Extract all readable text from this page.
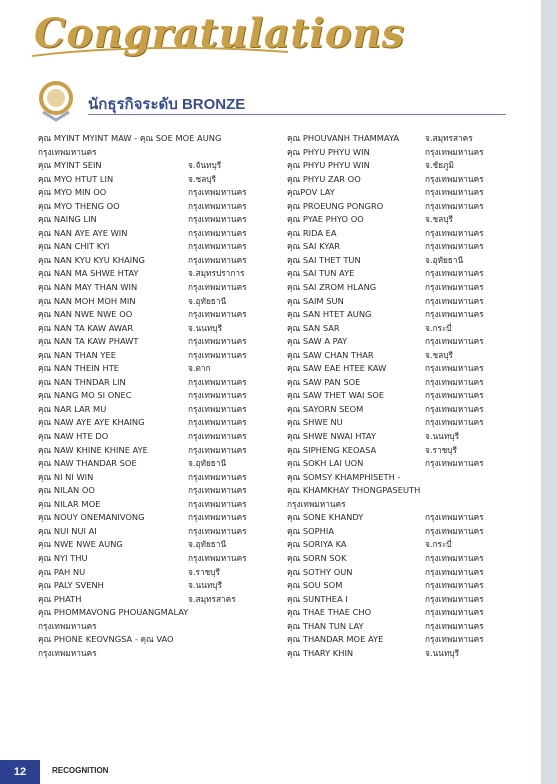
Congratulations
นักธุรกิจระดับ BRONZE
คุณ MYINT MYINT MAW - คุณ SOE MOE AUNG
กรุงเทพมหานคร
คุณ MYINT SEIN	จ.จันทบุรี
คุณ MYO HTUT LIN	จ.ชลบุรี
คุณ MYO MIN OO	กรุงเทพมหานคร
คุณ MYO THENG OO	กรุงเทพมหานคร
คุณ NAING LIN	กรุงเทพมหานคร
คุณ NAN AYE AYE WIN	กรุงเทพมหานคร
คุณ NAN CHIT KYI	กรุงเทพมหานคร
คุณ NAN KYU KYU KHAING	กรุงเทพมหานคร
คุณ NAN MA SHWE HTAY	จ.สมุทรปราการ
คุณ NAN MAY THAN WIN	กรุงเทพมหานคร
คุณ NAN MOH MOH MIN	จ.อุทัยธานี
คุณ NAN NWE NWE OO	กรุงเทพมหานคร
คุณ NAN TA KAW AWAR	จ.นนทบุรี
คุณ NAN TA KAW PHAWT	กรุงเทพมหานคร
คุณ NAN THAN YEE	กรุงเทพมหานคร
คุณ NAN THEIN HTE	จ.ตาก
คุณ NAN THNDAR LIN	กรุงเทพมหานคร
คุณ NANG MO SI ONEC	กรุงเทพมหานคร
คุณ NAR LAR MU	กรุงเทพมหานคร
คุณ NAW AYE AYE KHAING	กรุงเทพมหานคร
คุณ NAW HTE DO	กรุงเทพมหานคร
คุณ NAW KHINE KHINE AYE	กรุงเทพมหานคร
คุณ NAW THANDAR SOE	จ.อุทัยธานี
คุณ NI NI WIN	กรุงเทพมหานคร
คุณ NILAN OO	กรุงเทพมหานคร
คุณ NILAR MOE	กรุงเทพมหานคร
คุณ NOUY ONEMANIVONG	กรุงเทพมหานคร
คุณ NUI NUI AI	กรุงเทพมหานคร
คุณ NWE NWE AUNG	จ.อุทัยธานี
คุณ NYI THU	กรุงเทพมหานคร
คุณ PAH NU	จ.ราชบุรี
คุณ PALY SVENH	จ.นนทบุรี
คุณ PHATH	จ.สมุทรสาคร
คุณ PHOMMAVONG PHOUANGMALAY
กรุงเทพมหานคร
คุณ PHONE KEOVNGSA - คุณ VAO
กรุงเทพมหานคร
คุณ PHOUVANH THAMMAYA	จ.สมุทรสาคร
คุณ PHYU PHYU WIN	กรุงเทพมหานคร
คุณ PHYU PHYU WIN	จ.ชัยภูมิ
คุณ PHYU ZAR OO	กรุงเทพมหานคร
คุณPOV LAY	กรุงเทพมหานคร
คุณ PROEUNG PONGRO	กรุงเทพมหานคร
คุณ PYAE PHYO OO	จ.ชลบุรี
คุณ RIDA EA	กรุงเทพมหานคร
คุณ SAI KYAR	กรุงเทพมหานคร
คุณ SAI THET TUN	จ.อุทัยธานี
คุณ SAI TUN AYE	กรุงเทพมหานคร
คุณ SAI ZROM HLANG	กรุงเทพมหานคร
คุณ SAIM SUN	กรุงเทพมหานคร
คุณ SAN HTET AUNG	กรุงเทพมหานคร
คุณ SAN SAR	จ.กระบี่
คุณ SAW A PAY	กรุงเทพมหานคร
คุณ SAW CHAN THAR	จ.ชลบุรี
คุณ SAW EAE HTEE KAW	กรุงเทพมหานคร
คุณ SAW PAN SOE	กรุงเทพมหานคร
คุณ SAW THET WAI SOE	กรุงเทพมหานคร
คุณ SAYORN SEOM	กรุงเทพมหานคร
คุณ SHWE NU	กรุงเทพมหานคร
คุณ SHWE NWAI HTAY	จ.นนทบุรี
คุณ SIPHENG KEOASA	จ.ราชบุรี
คุณ SOKH LAI UON	กรุงเทพมหานคร
คุณ SOMSY KHAMPHISETH -
คุณ KHAMKHAY THONGPASEUTH
กรุงเทพมหานคร
คุณ SONE KHANDY	กรุงเทพมหานคร
คุณ SOPHIA	กรุงเทพมหานคร
คุณ SORIYA KA	จ.กระบี่
คุณ SORN SOK	กรุงเทพมหานคร
คุณ SOTHY OUN	กรุงเทพมหานคร
คุณ SOU SOM	กรุงเทพมหานคร
คุณ SUNTHEA I	กรุงเทพมหานคร
คุณ THAE THAE CHO	กรุงเทพมหานคร
คุณ THAN TUN LAY	กรุงเทพมหานคร
คุณ THANDAR MOE AYE	กรุงเทพมหานคร
คุณ THARY KHIN	จ.นนทบุรี
12	RECOGNITION
